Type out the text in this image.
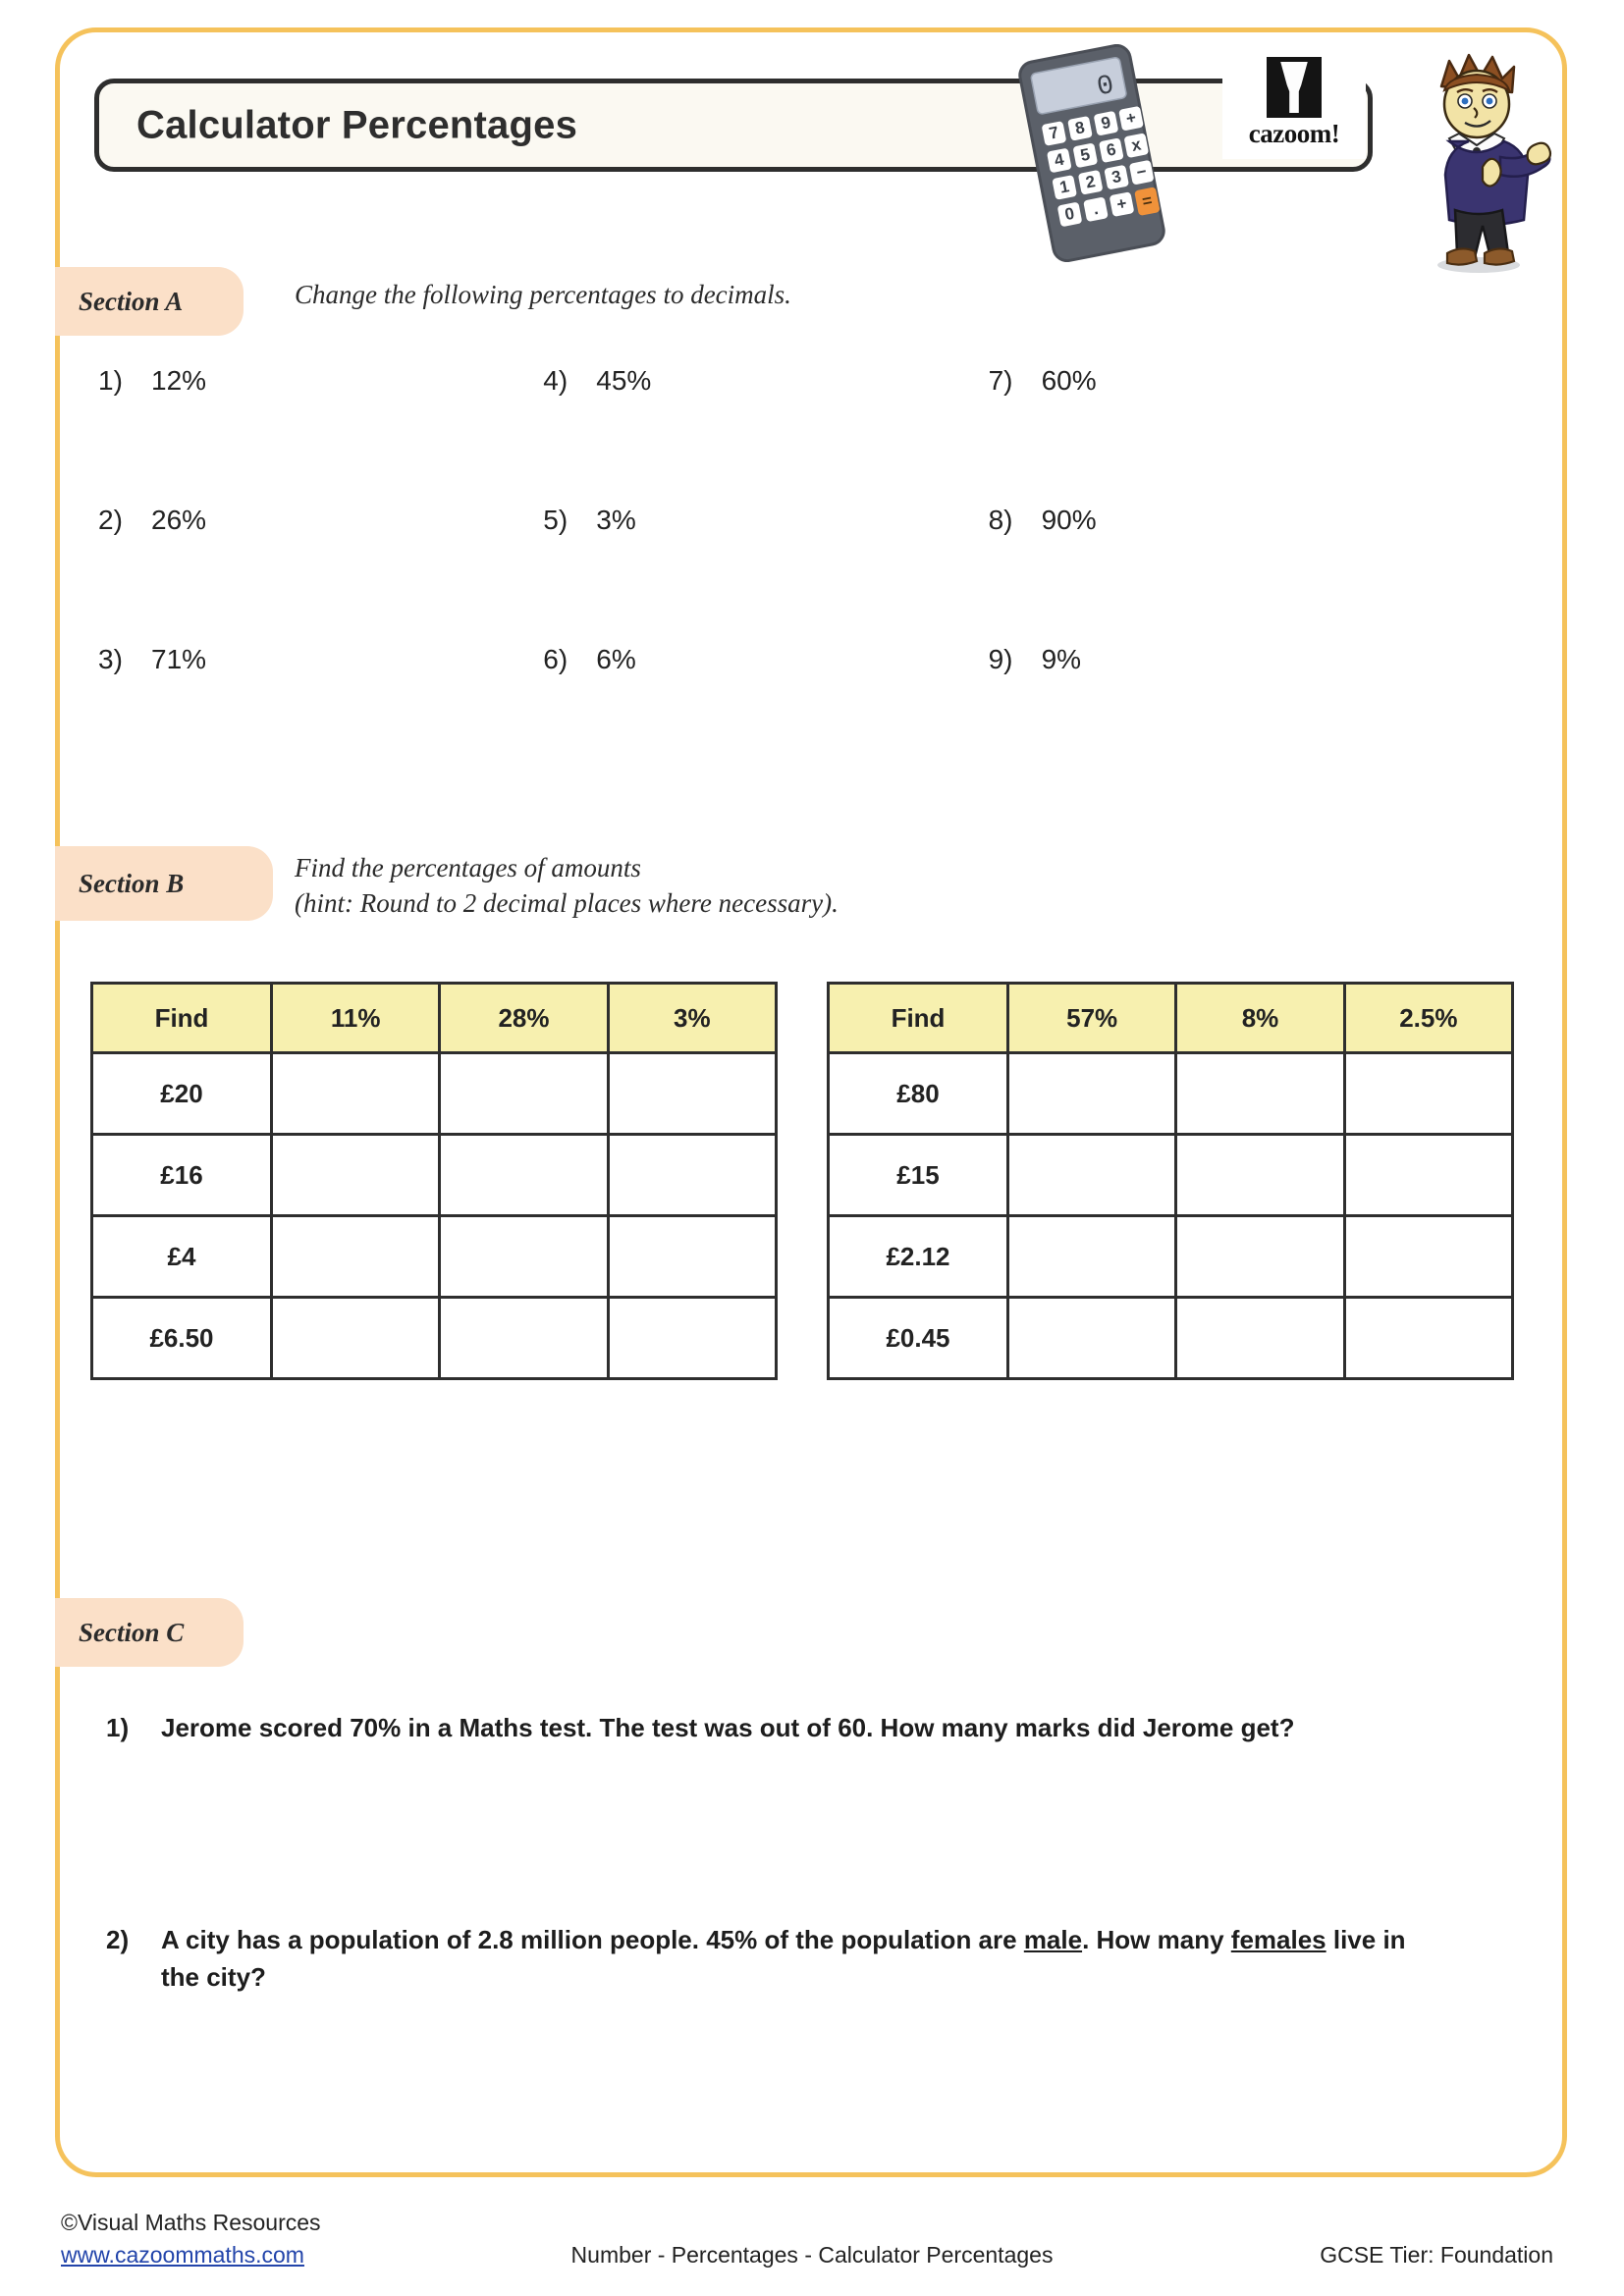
Calculator Percentages
0
7 8 9 +
4 5 6 x
1 2 3 −
0 . + =
cazoom!
Section A	Change the following percentages to decimals.
1)	12%	4)	45%	7)	60%
2)	26%	5)	3%	8)	90%
3)	71%	6)	6%	9)	9%
Section B
Find the percentages of amounts
(hint: Round to 2 decimal places where necessary).
Find	11%	28%	3%
£20			
£16			
£4			
£6.50			
Find	57%	8%	2.5%
£80			
£15			
£2.12			
£0.45			
Section C
1)	Jerome scored 70% in a Maths test. The test was out of 60. How many marks did Jerome get?
2)	A city has a population of 2.8 million people. 45% of the population are male. How many females live in the city?
©Visual Maths Resources
www.cazoommaths.com	Number - Percentages - Calculator Percentages	GCSE Tier: Foundation
